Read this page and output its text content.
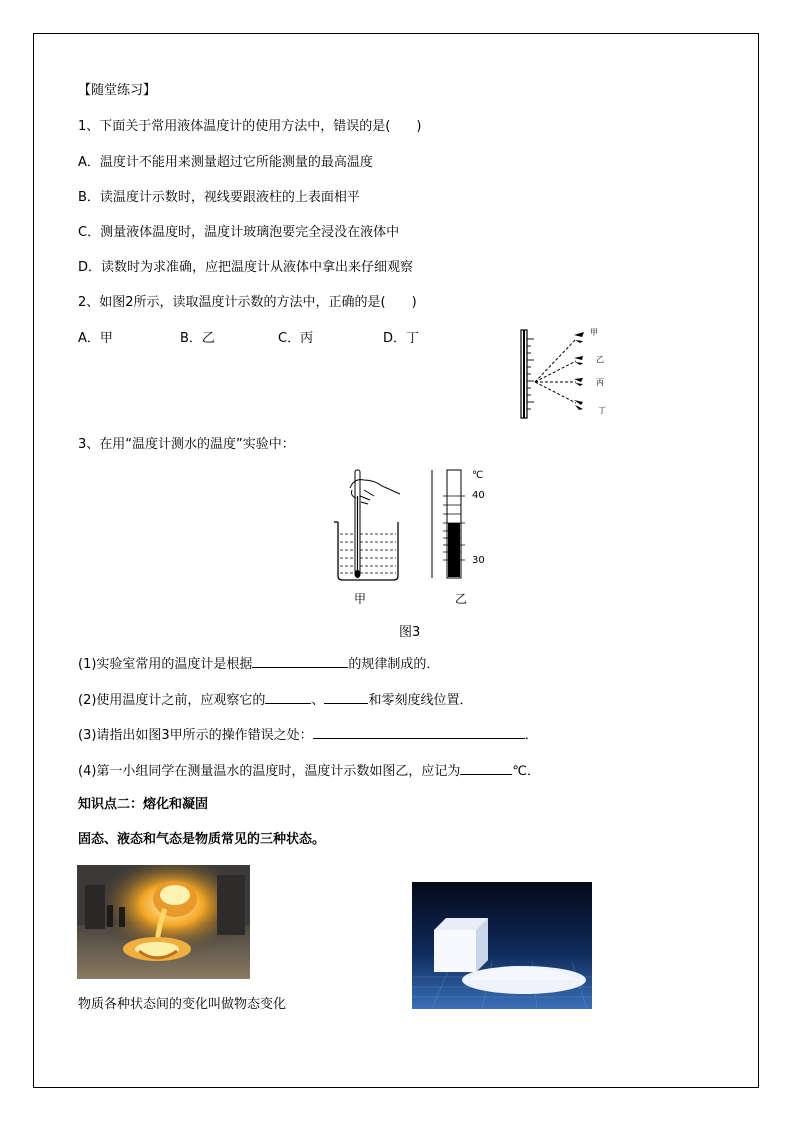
【随堂练习】
1、下面关于常用液体温度计的使用方法中，错误的是(　　)
A．温度计不能用来测量超过它所能测量的最高温度
B．读温度计示数时，视线要跟液柱的上表面相平
C．测量液体温度时，温度计玻璃泡要完全浸没在液体中
D．读数时为求准确，应把温度计从液体中拿出来仔细观察
2、如图2所示，读取温度计示数的方法中，正确的是(　　)
A．甲	B．乙	C．丙	D．丁	甲
乙
丙
丁
3、在用“温度计测水的温度”实验中：
℃
40
30
甲	乙
图3
(1)实验室常用的温度计是根据	的规律制成的．
(2)使用温度计之前，应观察它的	、	和零刻度线位置．
(3)请指出如图3甲所示的操作错误之处：	．
(4)第一小组同学在测量温水的温度时，温度计示数如图乙，应记为	℃．
知识点二：熔化和凝固
固态、液态和气态是物质常见的三种状态。
物质各种状态间的变化叫做物态变化
